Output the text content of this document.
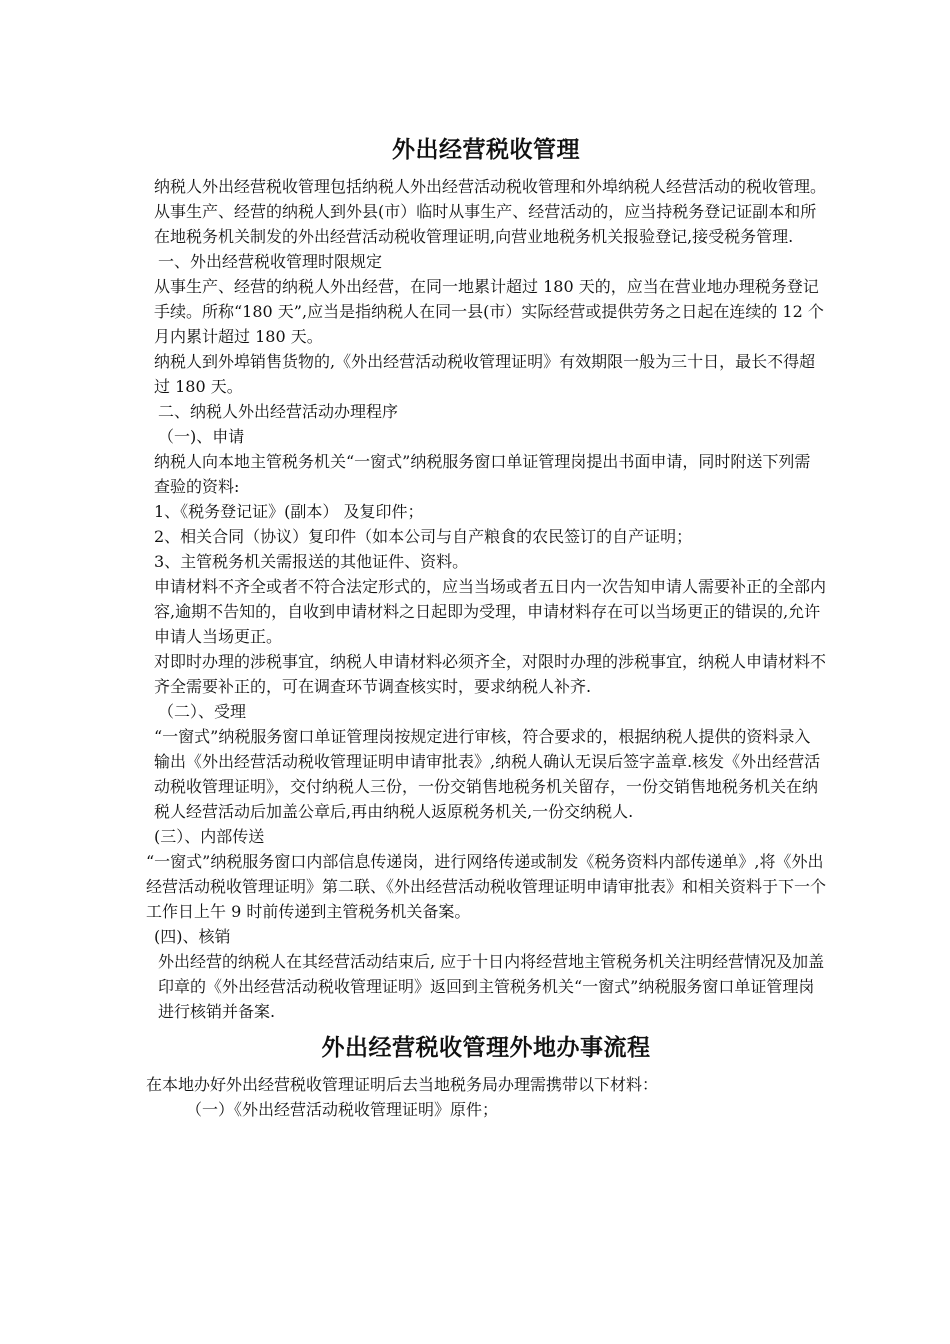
外出经营税收管理

纳税人外出经营税收管理包括纳税人外出经营活动税收管理和外埠纳税人经营活动的税收管理。从事生产、经营的纳税人到外县(市）临时从事生产、经营活动的，应当持税务登记证副本和所在地税务机关制发的外出经营活动税收管理证明,向营业地税务机关报验登记,接受税务管理.

一、外出经营税收管理时限规定

从事生产、经营的纳税人外出经营，在同一地累计超过 180 天的，应当在营业地办理税务登记手续。所称“180 天”,应当是指纳税人在同一县(市）实际经营或提供劳务之日起在连续的 12 个月内累计超过 180 天。

纳税人到外埠销售货物的,《外出经营活动税收管理证明》有效期限一般为三十日，最长不得超过 180 天。

二、纳税人外出经营活动办理程序

（一)、申请

纳税人向本地主管税务机关“一窗式”纳税服务窗口单证管理岗提出书面申请，同时附送下列需查验的资料:

1、《税务登记证》(副本） 及复印件；

2、相关合同（协议）复印件（如本公司与自产粮食的农民签订的自产证明；

3、主管税务机关需报送的其他证件、资料。

申请材料不齐全或者不符合法定形式的，应当当场或者五日内一次告知申请人需要补正的全部内容,逾期不告知的，自收到申请材料之日起即为受理，申请材料存在可以当场更正的错误的,允许申请人当场更正。

对即时办理的涉税事宜，纳税人申请材料必须齐全，对限时办理的涉税事宜，纳税人申请材料不齐全需要补正的，可在调查环节调查核实时，要求纳税人补齐.

（二）、受理

“一窗式”纳税服务窗口单证管理岗按规定进行审核，符合要求的，根据纳税人提供的资料录入输出《外出经营活动税收管理证明申请审批表》,纳税人确认无误后签字盖章.核发《外出经营活动税收管理证明》，交付纳税人三份，一份交销售地税务机关留存，一份交销售地税务机关在纳税人经营活动后加盖公章后,再由纳税人返原税务机关,一份交纳税人.

(三）、内部传送

“一窗式”纳税服务窗口内部信息传递岗，进行网络传递或制发《税务资料内部传递单》,将《外出经营活动税收管理证明》第二联、《外出经营活动税收管理证明申请审批表》和相关资料于下一个工作日上午 9 时前传递到主管税务机关备案。

(四)、核销

外出经营的纳税人在其经营活动结束后, 应于十日内将经营地主管税务机关注明经营情况及加盖印章的《外出经营活动税收管理证明》返回到主管税务机关“一窗式”纳税服务窗口单证管理岗进行核销并备案.

外出经营税收管理外地办事流程

在本地办好外出经营税收管理证明后去当地税务局办理需携带以下材料：

（一）《外出经营活动税收管理证明》原件；
